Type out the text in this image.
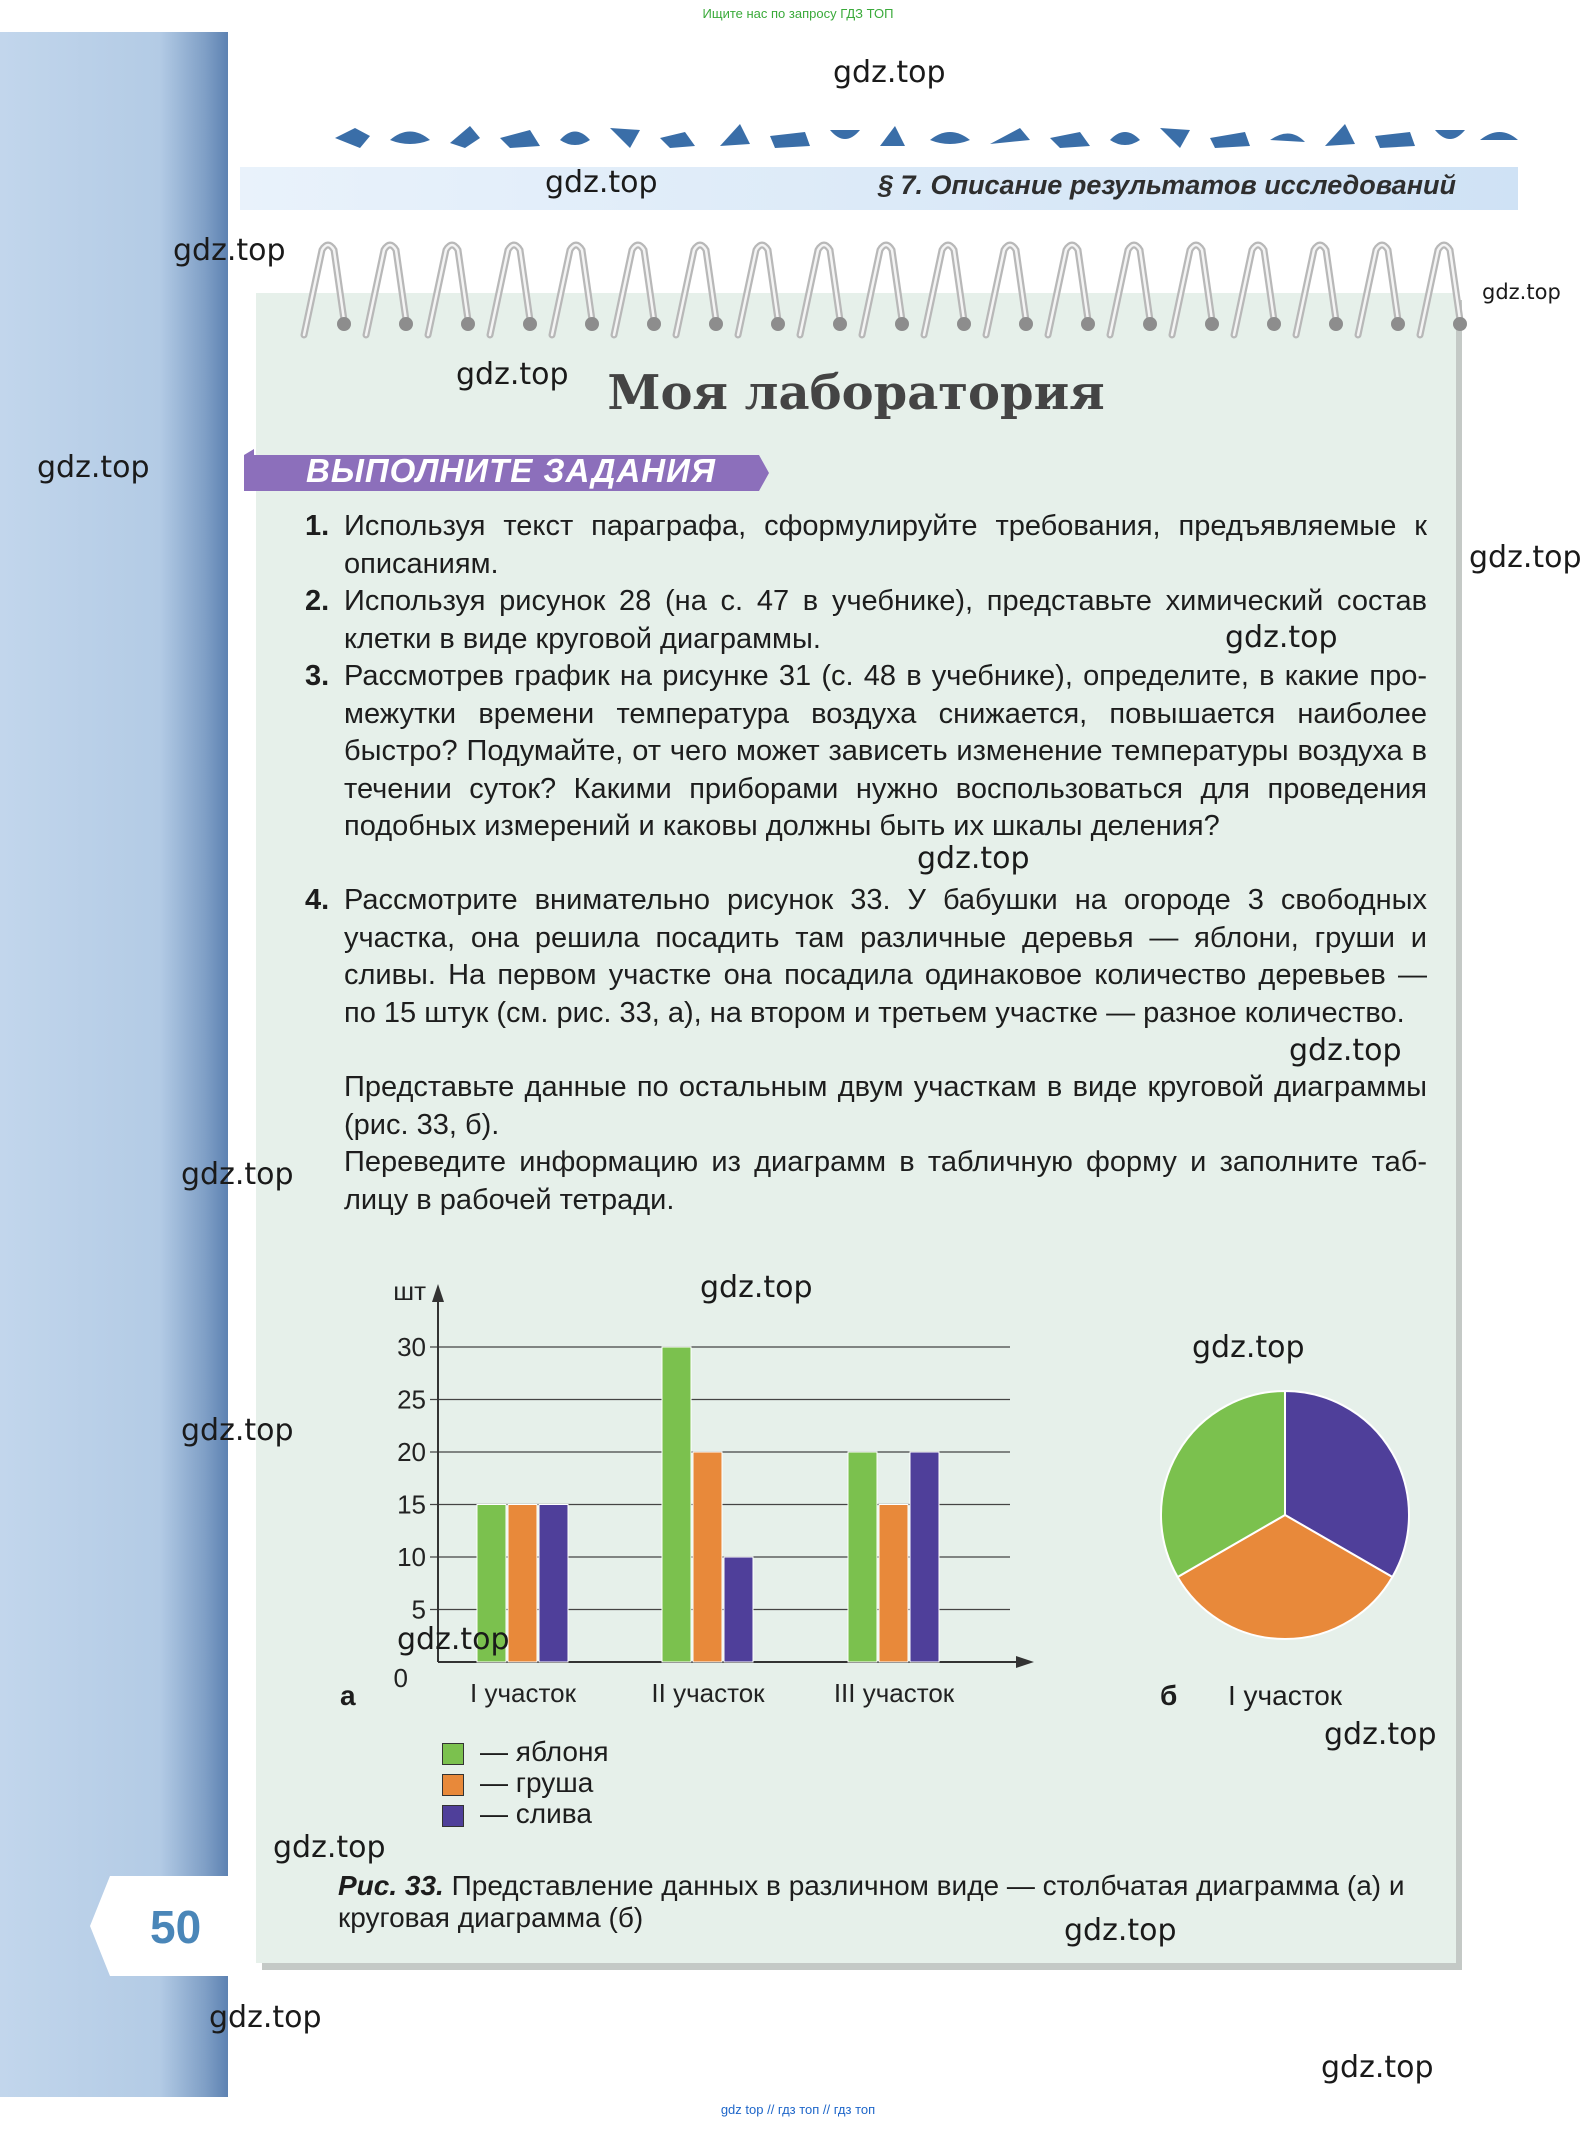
Ищите нас по запросу ГДЗ ТОП
§ 7. Описание результатов исследований
Моя лаборатория
ВЫПОЛНИТЕ ЗАДАНИЯ
1. Используя текст параграфа, сформулируйте требования, предъявляемые к описаниям.
2. Используя рисунок 28 (на с. 47 в учебнике), представьте химический состав клетки в виде круговой диаграммы.
3. Рассмотрев график на рисунке 31 (с. 48 в учебнике), определите, в какие промежутки времени температура воздуха снижается, повышается наиболее быстро? Подумайте, от чего может зависеть изменение температуры воздуха в течении суток? Какими приборами нужно воспользоваться для проведения подобных измерений и каковы должны быть их шкалы деления?
4. Рассмотрите внимательно рисунок 33. У бабушки на огороде 3 свободных участка, она решила посадить там различные деревья — яблони, груши и сливы. На первом участке она посадила одинаковое количество деревьев — по 15 штук (см. рис. 33, а), на втором и третьем участке — разное количество.
Представьте данные по остальным двум участкам в виде круговой диаграммы (рис. 33, б).
Переведите информацию из диаграмм в табличную форму и заполните таблицу в рабочей тетради.
0
5
10
15
20
25
30
шт
I участок	II участок	III участок
а	б I участок
— яблоня
— груша
— слива
Рис. 33. Представление данных в различном виде — столбчатая диаграмма (а) и круговая диаграмма (б)
50
gdz.top
gdz.top
gdz.top
gdz.top
gdz.top
gdz.top
gdz.top
gdz.top
gdz.top
gdz.top
gdz.top
gdz.top
gdz.top
gdz.top
gdz.top
gdz.top
gdz.top
gdz.top
gdz.top
gdz.top
gdz top // гдз топ // гдз топ
